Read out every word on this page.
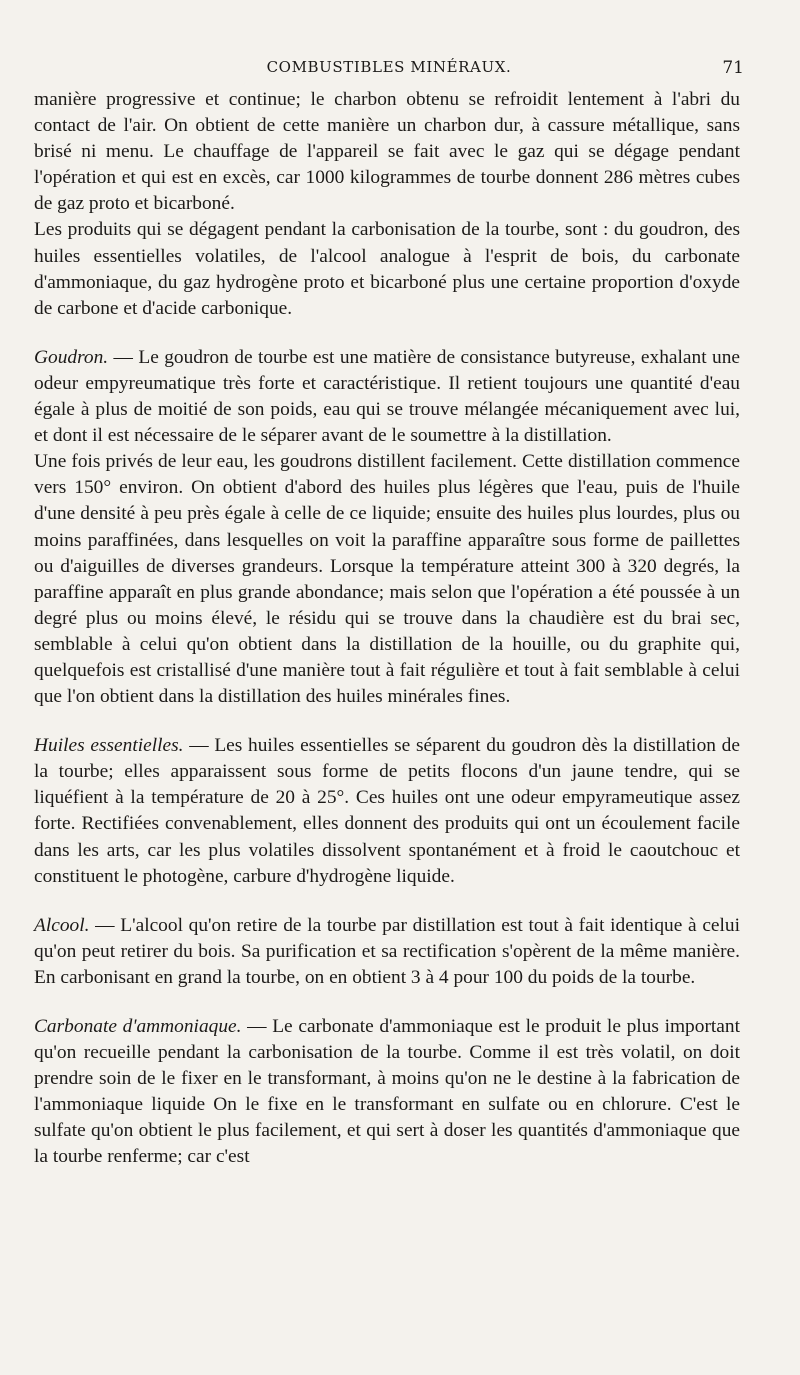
COMBUSTIBLES MINÉRAUX.	71

manière progressive et continue; le charbon obtenu se refroidit lentement à l'abri du contact de l'air. On obtient de cette manière un charbon dur, à cassure métallique, sans brisé ni menu. Le chauffage de l'appareil se fait avec le gaz qui se dégage pendant l'opération et qui est en excès, car 1000 kilogrammes de tourbe donnent 286 mètres cubes de gaz proto et bicarboné.

Les produits qui se dégagent pendant la carbonisation de la tourbe, sont : du goudron, des huiles essentielles volatiles, de l'alcool analogue à l'esprit de bois, du carbonate d'ammoniaque, du gaz hydrogène proto et bicarboné plus une certaine proportion d'oxyde de carbone et d'acide carbonique.

Goudron. — Le goudron de tourbe est une matière de consistance butyreuse, exhalant une odeur empyreumatique très forte et caractéristique. Il retient toujours une quantité d'eau égale à plus de moitié de son poids, eau qui se trouve mélangée mécaniquement avec lui, et dont il est nécessaire de le séparer avant de le soumettre à la distillation.

Une fois privés de leur eau, les goudrons distillent facilement. Cette distillation commence vers 150° environ. On obtient d'abord des huiles plus légères que l'eau, puis de l'huile d'une densité à peu près égale à celle de ce liquide; ensuite des huiles plus lourdes, plus ou moins paraffinées, dans lesquelles on voit la paraffine apparaître sous forme de paillettes ou d'aiguilles de diverses grandeurs. Lorsque la température atteint 300 à 320 degrés, la paraffine apparaît en plus grande abondance; mais selon que l'opération a été poussée à un degré plus ou moins élevé, le résidu qui se trouve dans la chaudière est du brai sec, semblable à celui qu'on obtient dans la distillation de la houille, ou du graphite qui, quelquefois est cristallisé d'une manière tout à fait régulière et tout à fait semblable à celui que l'on obtient dans la distillation des huiles minérales fines.

Huiles essentielles. — Les huiles essentielles se séparent du goudron dès la distillation de la tourbe; elles apparaissent sous forme de petits flocons d'un jaune tendre, qui se liquéfient à la température de 20 à 25°. Ces huiles ont une odeur empyrameutique assez forte. Rectifiées convenablement, elles donnent des produits qui ont un écoulement facile dans les arts, car les plus volatiles dissolvent spontanément et à froid le caoutchouc et constituent le photogène, carbure d'hydrogène liquide.

Alcool. — L'alcool qu'on retire de la tourbe par distillation est tout à fait identique à celui qu'on peut retirer du bois. Sa purification et sa rectification s'opèrent de la même manière. En carbonisant en grand la tourbe, on en obtient 3 à 4 pour 100 du poids de la tourbe.

Carbonate d'ammoniaque. — Le carbonate d'ammoniaque est le produit le plus important qu'on recueille pendant la carbonisation de la tourbe. Comme il est très volatil, on doit prendre soin de le fixer en le transformant, à moins qu'on ne le destine à la fabrication de l'ammoniaque liquide On le fixe en le transformant en sulfate ou en chlorure. C'est le sulfate qu'on obtient le plus facilement, et qui sert à doser les quantités d'ammoniaque que la tourbe renferme; car c'est
